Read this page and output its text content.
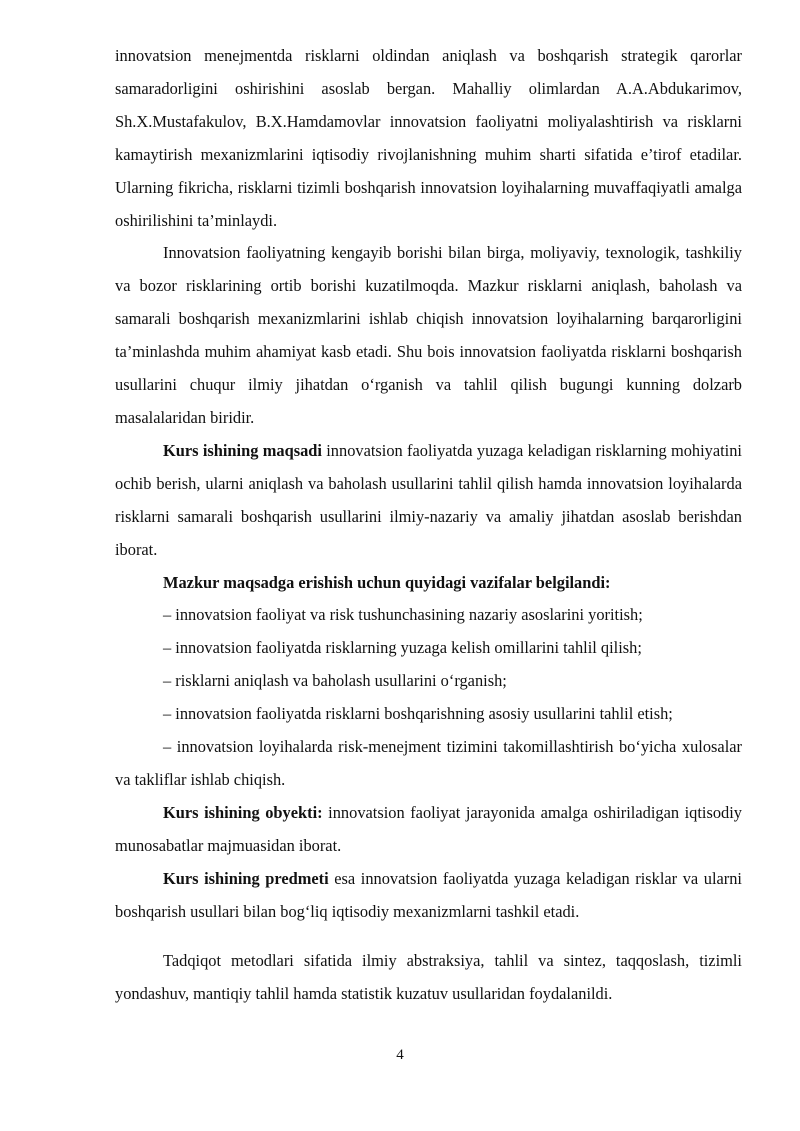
innovatsion menejmentda risklarni oldindan aniqlash va boshqarish strategik qarorlar samaradorligini oshirishini asoslab bergan. Mahalliy olimlardan A.A.Abdukarimov, Sh.X.Mustafakulov, B.X.Hamdamovlar innovatsion faoliyatni moliyalashtirish va risklarni kamaytirish mexanizmlarini iqtisodiy rivojlanishning muhim sharti sifatida e’tirof etadilar. Ularning fikricha, risklarni tizimli boshqarish innovatsion loyihalarning muvaffaqiyatli amalga oshirilishini ta’minlaydi.

Innovatsion faoliyatning kengayib borishi bilan birga, moliyaviy, texnologik, tashkiliy va bozor risklarining ortib borishi kuzatilmoqda. Mazkur risklarni aniqlash, baholash va samarali boshqarish mexanizmlarini ishlab chiqish innovatsion loyihalarning barqarorligini ta’minlashda muhim ahamiyat kasb etadi. Shu bois innovatsion faoliyatda risklarni boshqarish usullarini chuqur ilmiy jihatdan o‘rganish va tahlil qilish bugungi kunning dolzarb masalalaridan biridir.

Kurs ishining maqsadi innovatsion faoliyatda yuzaga keladigan risklarning mohiyatini ochib berish, ularni aniqlash va baholash usullarini tahlil qilish hamda innovatsion loyihalarda risklarni samarali boshqarish usullarini ilmiy-nazariy va amaliy jihatdan asoslab berishdan iborat.

Mazkur maqsadga erishish uchun quyidagi vazifalar belgilandi:

– innovatsion faoliyat va risk tushunchasining nazariy asoslarini yoritish;

– innovatsion faoliyatda risklarning yuzaga kelish omillarini tahlil qilish;

– risklarni aniqlash va baholash usullarini o‘rganish;

– innovatsion faoliyatda risklarni boshqarishning asosiy usullarini tahlil etish;

– innovatsion loyihalarda risk-menejment tizimini takomillashtirish bo‘yicha xulosalar va takliflar ishlab chiqish.

Kurs ishining obyekti: innovatsion faoliyat jarayonida amalga oshiriladigan iqtisodiy munosabatlar majmuasidan iborat.

Kurs ishining predmeti esa innovatsion faoliyatda yuzaga keladigan risklar va ularni boshqarish usullari bilan bog‘liq iqtisodiy mexanizmlarni tashkil etadi.

Tadqiqot metodlari sifatida ilmiy abstraksiya, tahlil va sintez, taqqoslash, tizimli yondashuv, mantiqiy tahlil hamda statistik kuzatuv usullaridan foydalanildi.

4
